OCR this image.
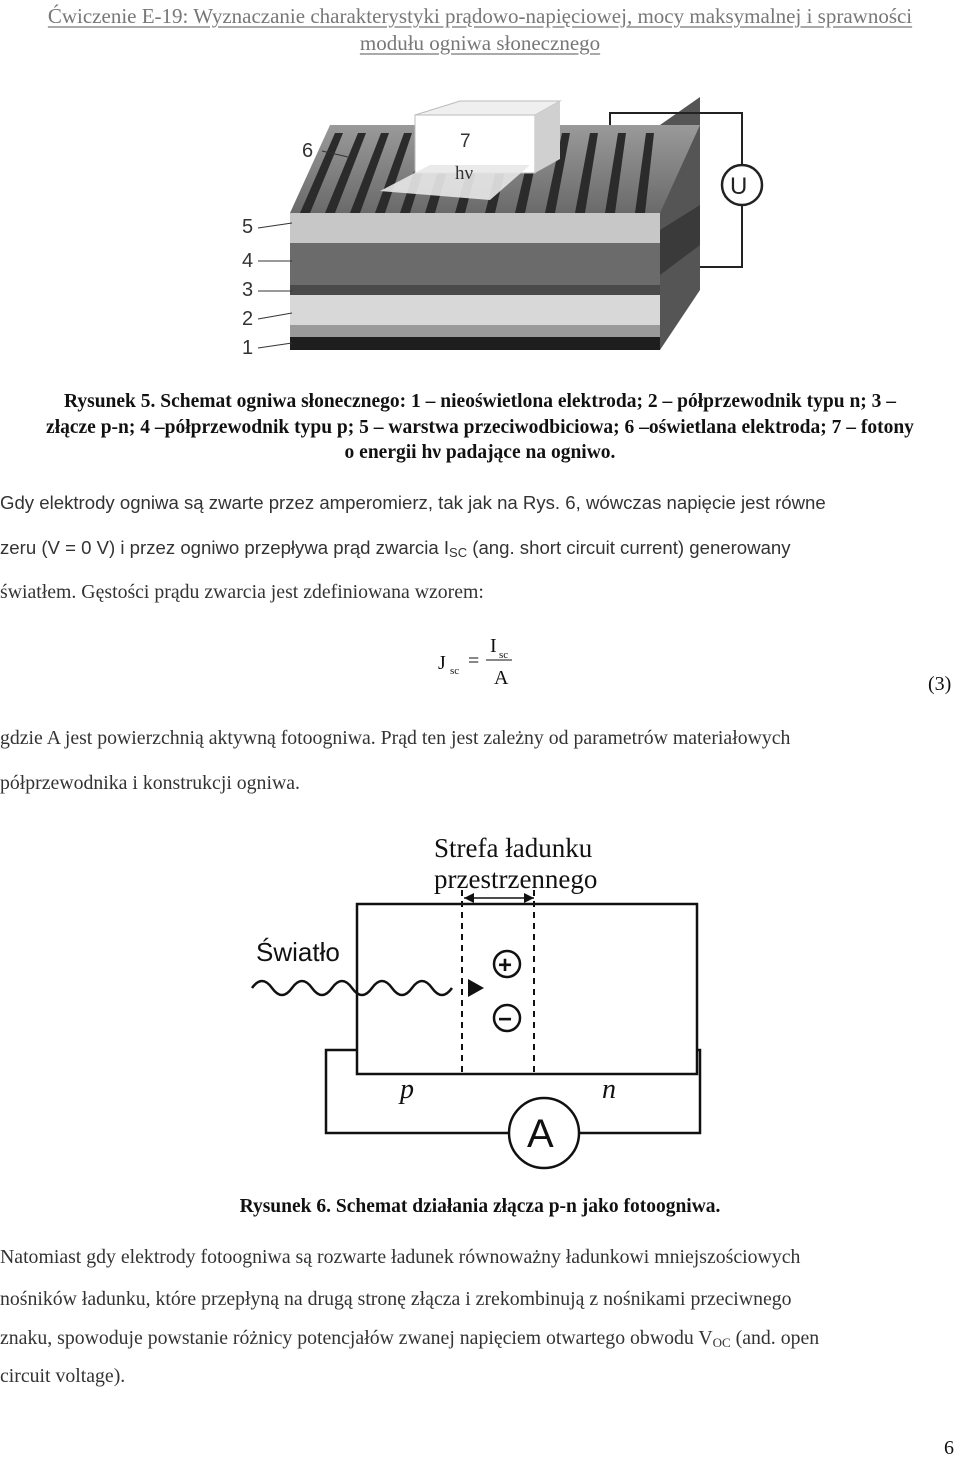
Ćwiczenie E-19: Wyznaczanie charakterystyki prądowo-napięciowej, mocy maksymalnej i sprawności
modułu ogniwa słonecznego
7
hν
6
5
4
3
2
1
U
Rysunek 5. Schemat ogniwa słonecznego: 1 – nieoświetlona elektroda; 2 – półprzewodnik typu n; 3 –
złącze p-n; 4 –półprzewodnik typu p; 5 – warstwa przeciwodbiciowa; 6 –oświetlana elektroda; 7 – fotony
o energii hν padające na ogniwo.
Gdy elektrody ogniwa są zwarte przez amperomierz, tak jak na Rys. 6, wówczas napięcie jest równe
zeru (V = 0 V) i przez ogniwo przepływa prąd zwarcia $I_{SC}$ (ang. short circuit current) generowany
światłem. Gęstości prądu zwarcia jest zdefiniowana wzorem:
J sc =
I sc
A	(3)
gdzie A jest powierzchnią aktywną fotoogniwa. Prąd ten jest zależny od parametrów materiałowych
półprzewodnika i konstrukcji ogniwa.
Strefa ładunku
przestrzennego
Światło	+
−
p	n
A
Rysunek 6. Schemat działania złącza p-n jako fotoogniwa.
Natomiast gdy elektrody fotoogniwa są rozwarte ładunek równoważny ładunkowi mniejszościowych
nośników ładunku, które przepłyną na drugą stronę złącza i zrekombinują z nośnikami przeciwnego
znaku, spowoduje powstanie różnicy potencjałów zwanej napięciem otwartego obwodu $V_{OC}$ (and. open
circuit voltage).
6
